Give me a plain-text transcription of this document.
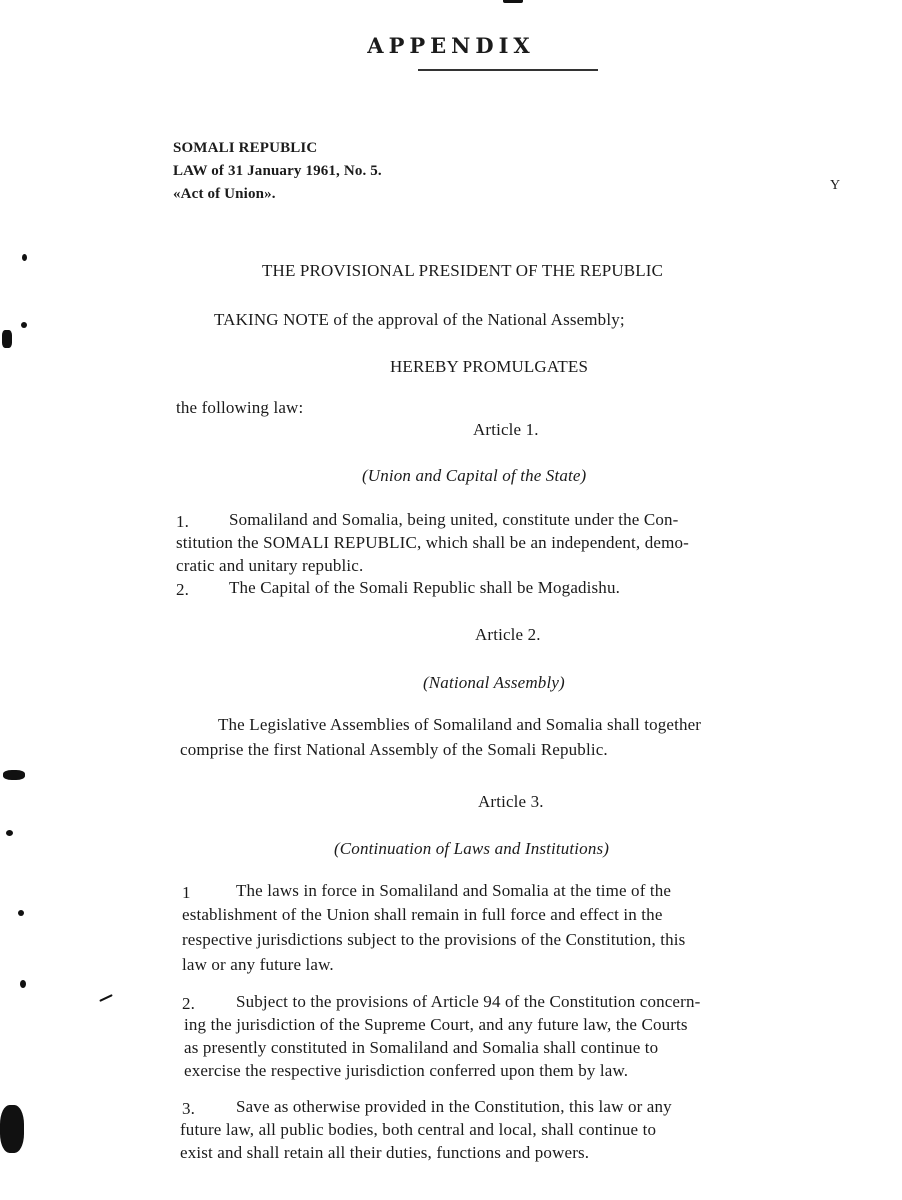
APPENDIX
SOMALI REPUBLIC
LAW of 31 January 1961, No. 5.
«Act of Union».
Y
THE PROVISIONAL PRESIDENT OF THE REPUBLIC
TAKING NOTE of the approval of the National Assembly;
HEREBY PROMULGATES
the following law:
Article 1.
(Union and Capital of the State)
1. Somaliland and Somalia, being united, constitute under the Con-
stitution the SOMALI REPUBLIC, which shall be an independent, demo-
cratic and unitary republic.
2. The Capital of the Somali Republic shall be Mogadishu.
Article 2.
(National Assembly)
The Legislative Assemblies of Somaliland and Somalia shall together
comprise the first National Assembly of the Somali Republic.
Article 3.
(Continuation of Laws and Institutions)
1	The laws in force in Somaliland and Somalia at the time of the
establishment of the Union shall remain in full force and effect in the
respective jurisdictions subject to the provisions of the Constitution, this
law or any future law.
2. Subject to the provisions of Article 94 of the Constitution concern-
ing the jurisdiction of the Supreme Court, and any future law, the Courts
as presently constituted in Somaliland and Somalia shall continue to
exercise the respective jurisdiction conferred upon them by law.
3. Save as otherwise provided in the Constitution, this law or any
future law, all public bodies, both central and local, shall continue to
exist and shall retain all their duties, functions and powers.
